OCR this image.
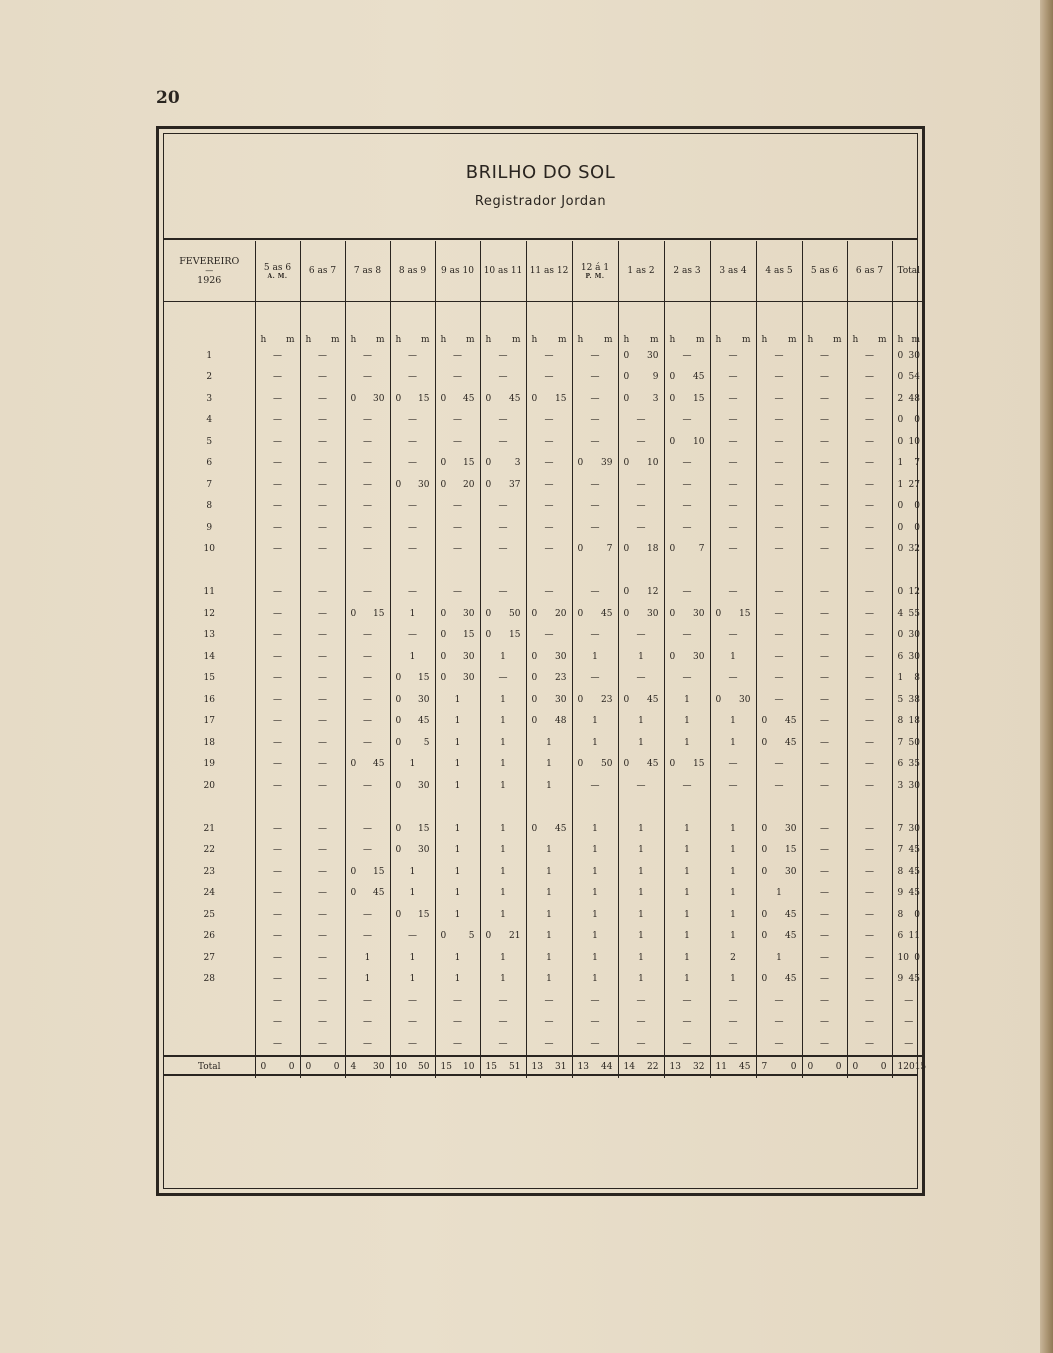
20
BRILHO DO SOL
Registrador Jordan
FEVEREIRO
—
1926	5 as 6
A. M.	6 as 7	7 as 8	8 as 9	9 as 10	10 as 11	11 as 12	12 á 1
P. M.	1 as 2	2 as 3	3 as 4	4 as 5	5 as 6	6 as 7	Total

	h m	h m	h m	h m	h m	h m	h m	h m	h m	h m	h m	h m	h m	h m	h m

1	—	—	—	—	—	—	—	—	0 30	—	—	—	—	—	0 30

2	—	—	—	—	—	—	—	—	0 9	0 45	—	—	—	—	0 54

3	—	—	0 30	0 15	0 45	0 45	0 15	—	0 3	0 15	—	—	—	—	2 48

4	—	—	—	—	—	—	—	—	—	—	—	—	—	—	0 0

5	—	—	—	—	—	—	—	—	—	0 10	—	—	—	—	0 10

6	—	—	—	—	0 15	0 3	—	0 39	0 10	—	—	—	—	—	1 7

7	—	—	—	0 30	0 20	0 37	—	—	—	—	—	—	—	—	1 27

8	—	—	—	—	—	—	—	—	—	—	—	—	—	—	0 0

9	—	—	—	—	—	—	—	—	—	—	—	—	—	—	0 0

10	—	—	—	—	—	—	—	0 7	0 18	0 7	—	—	—	—	0 32

11	—	—	—	—	—	—	—	—	0 12	—	—	—	—	—	0 12

12	—	—	0 15	1	0 30	0 50	0 20	0 45	0 30	0 30	0 15	—	—	—	4 55

13	—	—	—	—	0 15	0 15	—	—	—	—	—	—	—	—	0 30

14	—	—	—	1	0 30	1	0 30	1	1	0 30	1	—	—	—	6 30

15	—	—	—	0 15	0 30	—	0 23	—	—	—	—	—	—	—	1 8

16	—	—	—	0 30	1	1	0 30	0 23	0 45	1	0 30	—	—	—	5 38

17	—	—	—	0 45	1	1	0 48	1	1	1	1	0 45	—	—	8 18

18	—	—	—	0 5	1	1	1	1	1	1	1	0 45	—	—	7 50

19	—	—	0 45	1	1	1	1	0 50	0 45	0 15	—	—	—	—	6 35

20	—	—	—	0 30	1	1	1	—	—	—	—	—	—	—	3 30

21	—	—	—	0 15	1	1	0 45	1	1	1	1	0 30	—	—	7 30

22	—	—	—	0 30	1	1	1	1	1	1	1	0 15	—	—	7 45

23	—	—	0 15	1	1	1	1	1	1	1	1	0 30	—	—	8 45

24	—	—	0 45	1	1	1	1	1	1	1	1	1	—	—	9 45

25	—	—	—	0 15	1	1	1	1	1	1	1	0 45	—	—	8 0

26	—	—	—	—	0 5	0 21	1	1	1	1	1	0 45	—	—	6 11

27	—	—	1	1	1	1	1	1	1	1	2	1	—	—	10 0

28	—	—	1	1	1	1	1	1	1	1	1	0 45	—	—	9 45

	—	—	—	—	—	—	—	—	—	—	—	—	—	—	—
	—	—	—	—	—	—	—	—	—	—	—	—	—	—	—
	—	—	—	—	—	—	—	—	—	—	—	—	—	—	—
Total	0 0	0 0	4 30	10 50	15 10	15 51	13 31	13 44	14 22	13 32	11 45	7 0	0 0	0 0	120 15
